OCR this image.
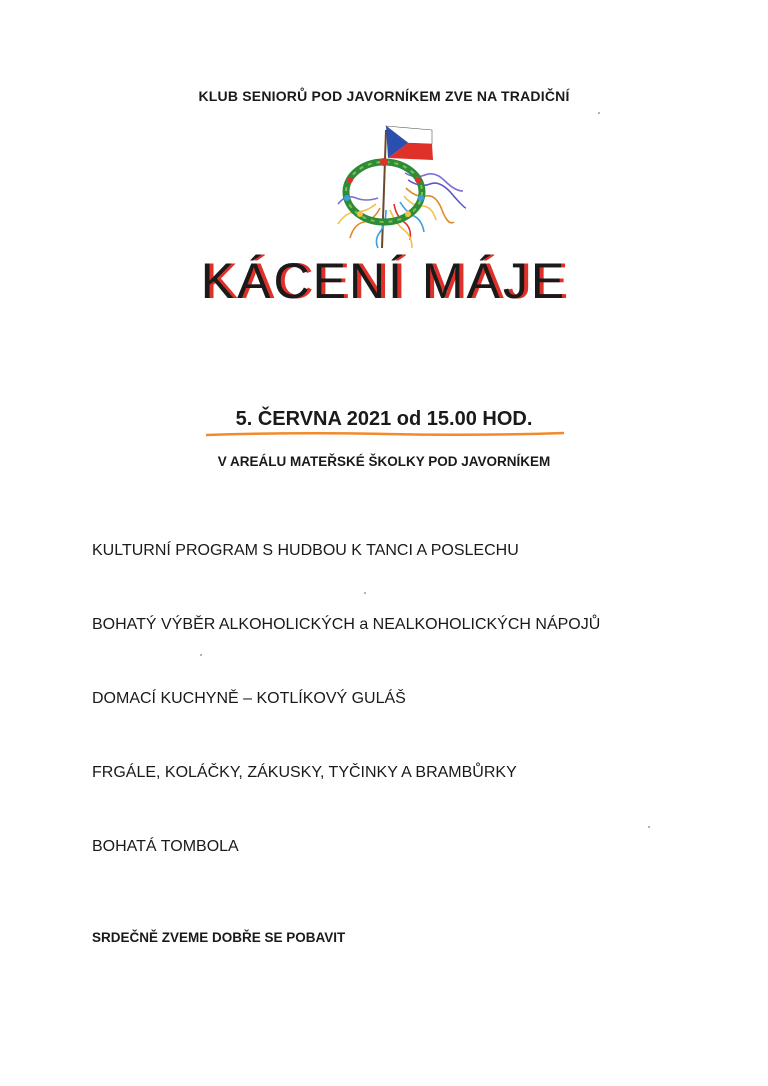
KLUB SENIORŮ POD JAVORNÍKEM ZVE NA TRADIČNÍ
KÁCENÍ MÁJE
5. ČERVNA 2021 od 15.00 HOD.
V AREÁLU MATEŘSKÉ ŠKOLKY POD JAVORNÍKEM
KULTURNÍ PROGRAM S HUDBOU K TANCI A POSLECHU
BOHATÝ VÝBĚR ALKOHOLICKÝCH a NEALKOHOLICKÝCH NÁPOJŮ
DOMACÍ KUCHYNĚ – KOTLÍKOVÝ GULÁŠ
FRGÁLE, KOLÁČKY, ZÁKUSKY, TYČINKY A BRAMBŮRKY
BOHATÁ TOMBOLA
SRDEČNĚ ZVEME DOBŘE SE POBAVIT
